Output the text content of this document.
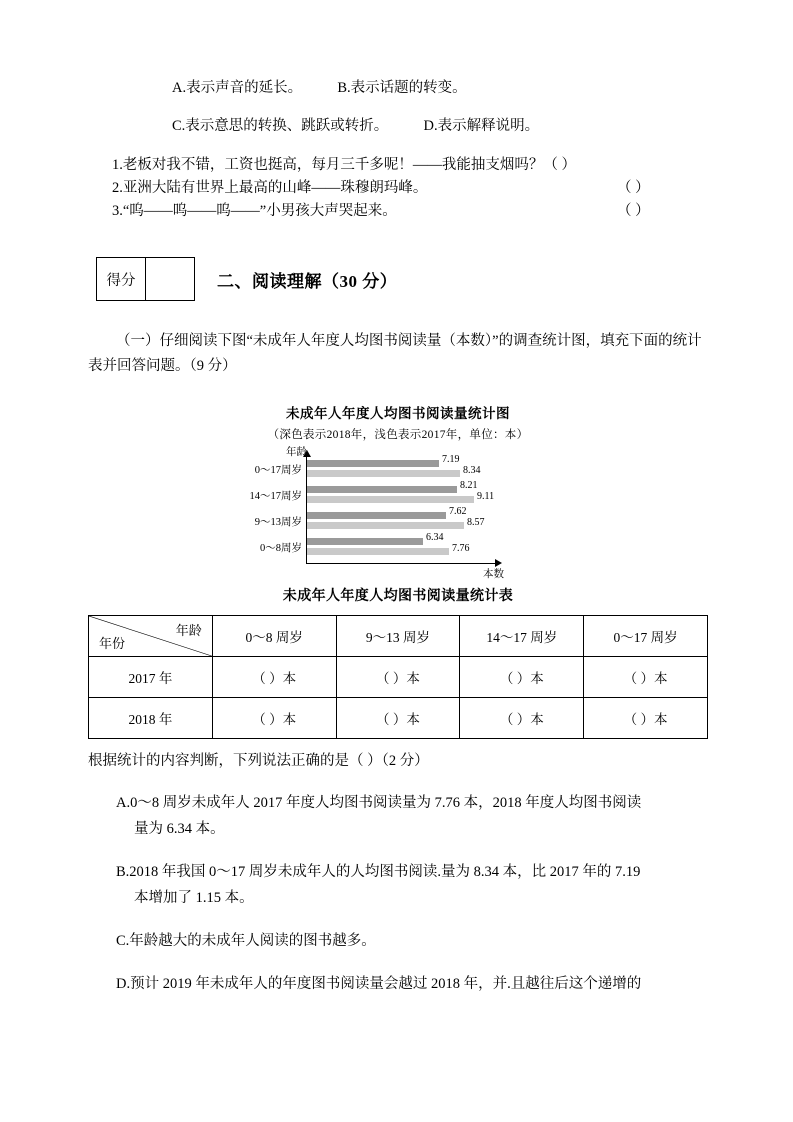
A.表示声音的延长。 B.表示话题的转变。
C.表示意思的转换、跳跃或转折。 D.表示解释说明。
1.老板对我不错，工资也挺高，每月三千多呢！——我能抽支烟吗？（ ）
2.亚洲大陆有世界上最高的山峰——珠穆朗玛峰。	（ ）
3.“呜——呜——呜——”小男孩大声哭起来。	（ ）
得分	二、阅读理解（30 分）
（一）仔细阅读下图“未成年人年度人均图书阅读量（本数）”的调查统计图，填充下面的统计表并回答问题。（9 分）
未成年人年度人均图书阅读量统计图
（深色表示2018年，浅色表示2017年，单位：本）
年龄
本数
0～17周岁
7.19
8.34
14～17周岁
8.21
9.11
9～13周岁
7.62
8.57
0～8周岁
6.34
7.76
未成年人年度人均图书阅读量统计表
年龄
年份	0～8 周岁	9～13 周岁	14～17 周岁	0～17 周岁
2017 年	（ ）本	（ ）本	（ ）本	（ ）本
2018 年	（ ）本	（ ）本	（ ）本	（ ）本
根据统计的内容判断，下列说法正确的是（ ）（2 分）
A.0～8 周岁未成年人 2017 年度人均图书阅读量为 7.76 本，2018 年度人均图书阅读
量为 6.34 本。
B.2018 年我国 0～17 周岁未成年人的人均图书阅读.量为 8.34 本，比 2017 年的 7.19
本增加了 1.15 本。
C.年龄越大的未成年人阅读的图书越多。
D.预计 2019 年未成年人的年度图书阅读量会越过 2018 年，并.且越往后这个递增的
